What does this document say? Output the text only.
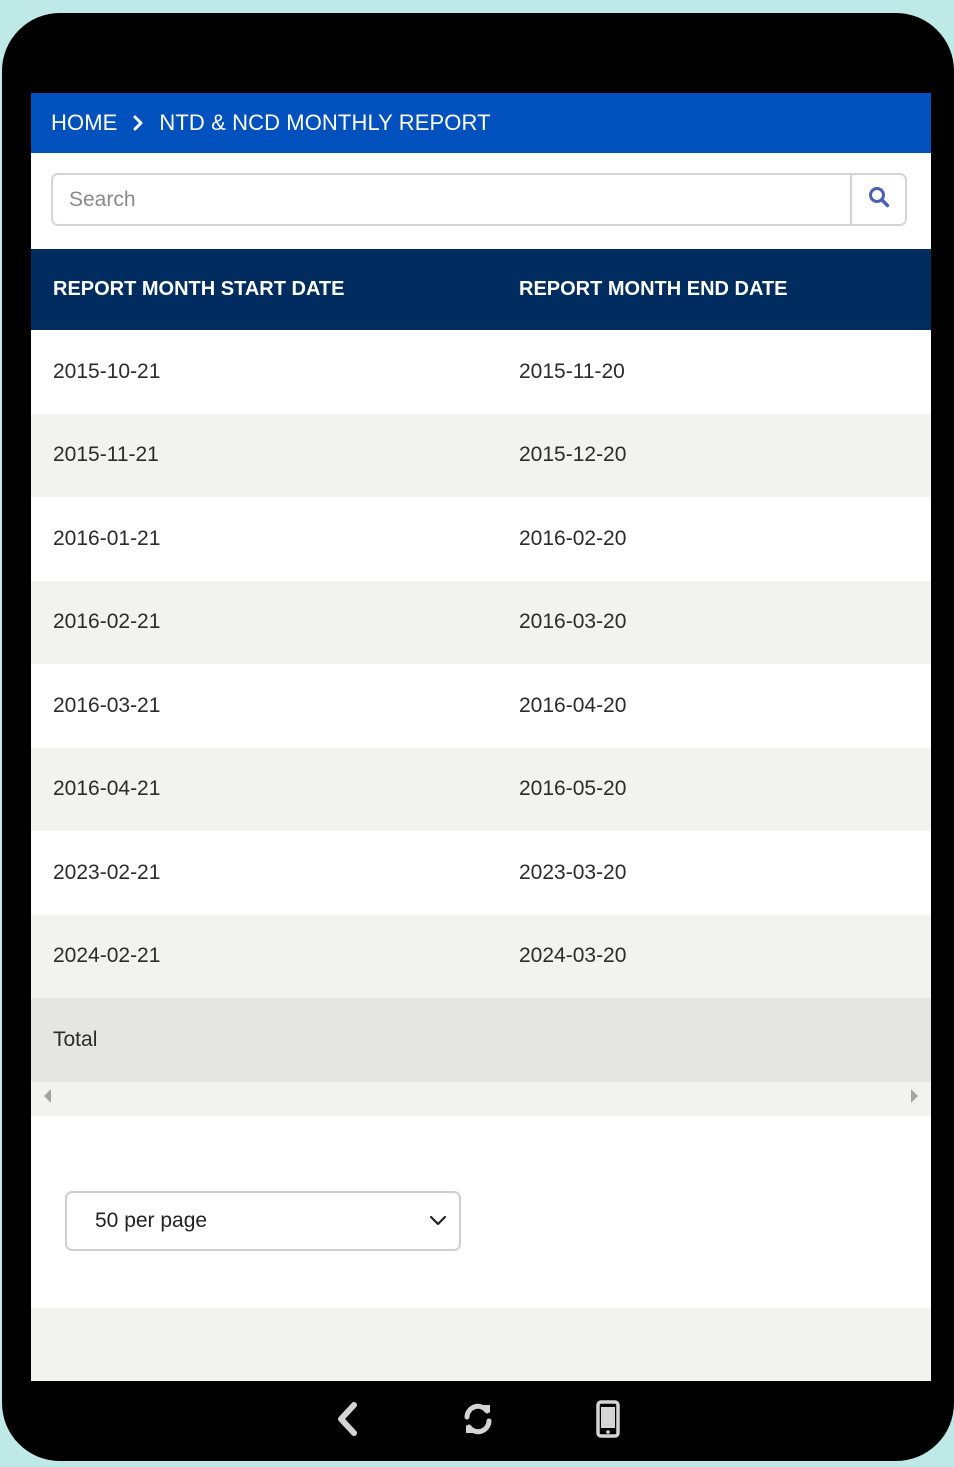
HOME NTD & NCD MONTHLY REPORT
Search
REPORT MONTH START DATE	REPORT MONTH END DATE
2015-10-21	2015-11-20
2015-11-21	2015-12-20
2016-01-21	2016-02-20
2016-02-21	2016-03-20
2016-03-21	2016-04-20
2016-04-21	2016-05-20
2023-02-21	2023-03-20
2024-02-21	2024-03-20
Total
50 per page
